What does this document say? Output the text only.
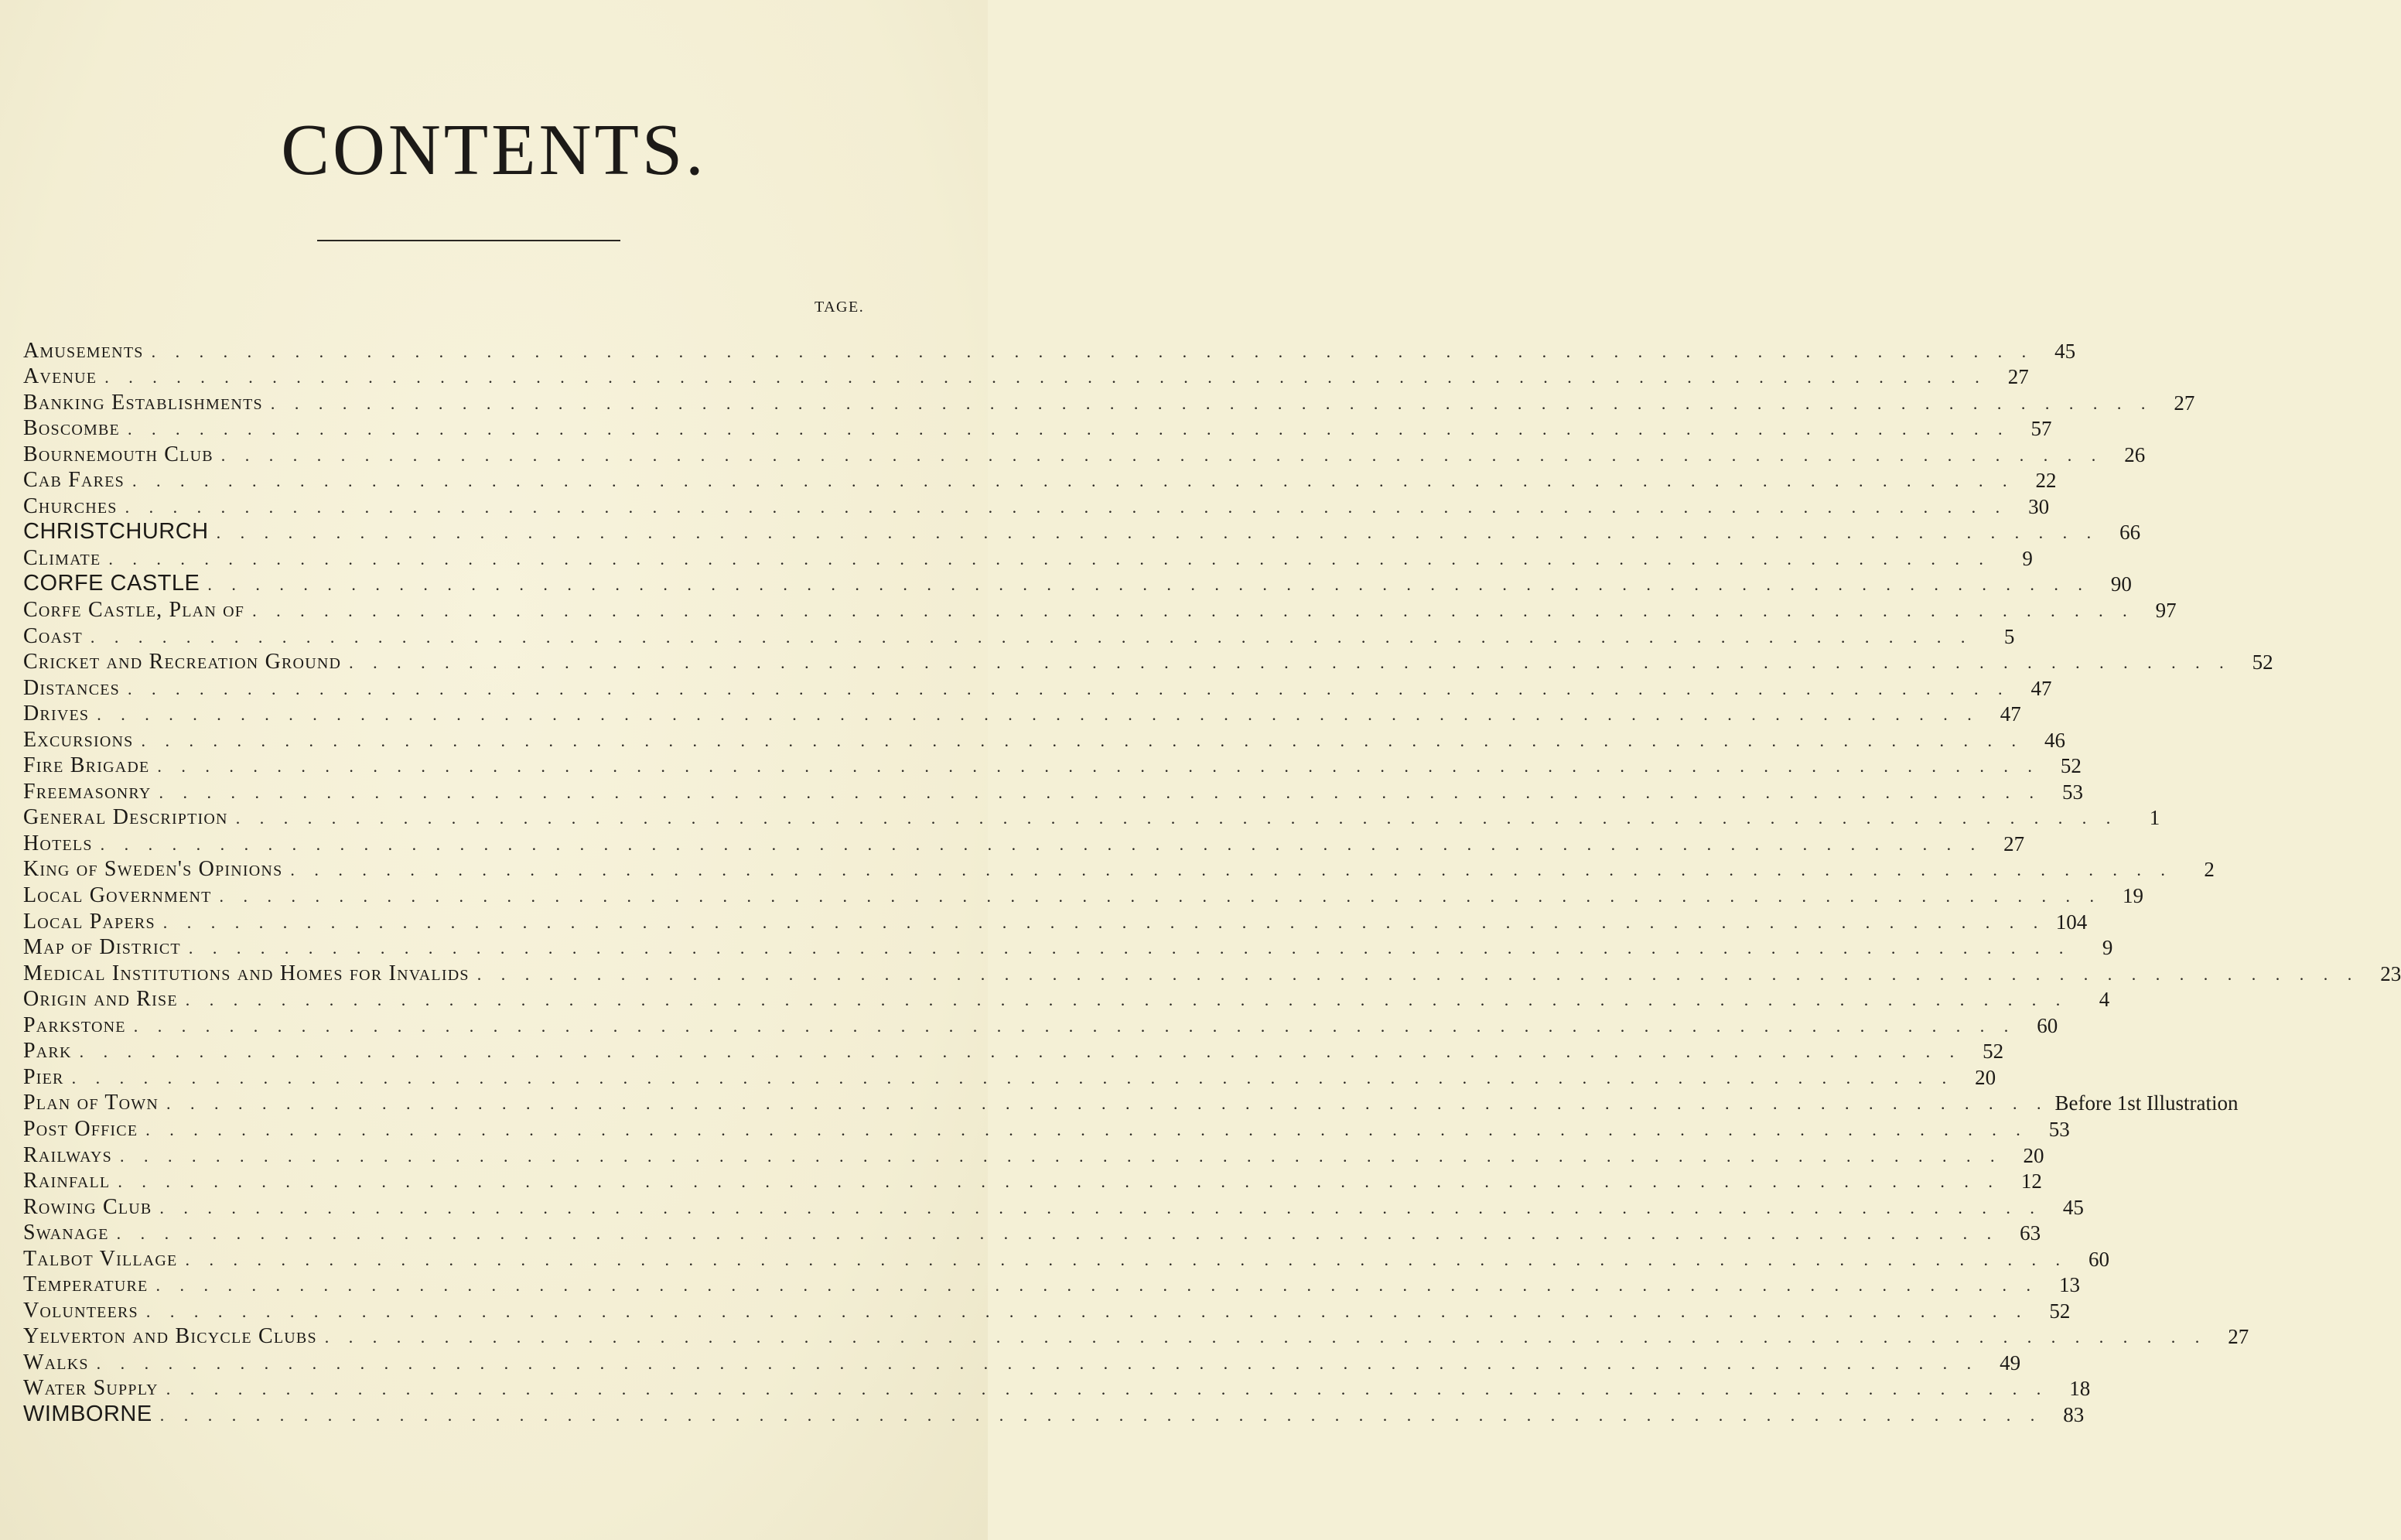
CONTENTS.
TAGE.
Amusements . . . . . . . . . . . . . . . . . . . . . . . . . . . . . . . . . . . . . . . . . . . . . . . . . . . . . . . . . . . . . . . . . . . . . . . . . . . . . . .	45
Avenue . . . . . . . . . . . . . . . . . . . . . . . . . . . . . . . . . . . . . . . . . . . . . . . . . . . . . . . . . . . . . . . . . . . . . . . . . . . . . . .	27
Banking Establishments . . . . . . . . . . . . . . . . . . . . . . . . . . . . . . . . . . . . . . . . . . . . . . . . . . . . . . . . . . . . . . . . . . . . . . . . . . . . . . .	27
Boscombe . . . . . . . . . . . . . . . . . . . . . . . . . . . . . . . . . . . . . . . . . . . . . . . . . . . . . . . . . . . . . . . . . . . . . . . . . . . . . . .	57
Bournemouth Club . . . . . . . . . . . . . . . . . . . . . . . . . . . . . . . . . . . . . . . . . . . . . . . . . . . . . . . . . . . . . . . . . . . . . . . . . . . . . . .	26
Cab Fares . . . . . . . . . . . . . . . . . . . . . . . . . . . . . . . . . . . . . . . . . . . . . . . . . . . . . . . . . . . . . . . . . . . . . . . . . . . . . . .	22
Churches . . . . . . . . . . . . . . . . . . . . . . . . . . . . . . . . . . . . . . . . . . . . . . . . . . . . . . . . . . . . . . . . . . . . . . . . . . . . . . .	30
CHRISTCHURCH . . . . . . . . . . . . . . . . . . . . . . . . . . . . . . . . . . . . . . . . . . . . . . . . . . . . . . . . . . . . . . . . . . . . . . . . . . . . . . .	66
Climate . . . . . . . . . . . . . . . . . . . . . . . . . . . . . . . . . . . . . . . . . . . . . . . . . . . . . . . . . . . . . . . . . . . . . . . . . . . . . . .	9
CORFE CASTLE . . . . . . . . . . . . . . . . . . . . . . . . . . . . . . . . . . . . . . . . . . . . . . . . . . . . . . . . . . . . . . . . . . . . . . . . . . . . . . .	90
Corfe Castle, Plan of . . . . . . . . . . . . . . . . . . . . . . . . . . . . . . . . . . . . . . . . . . . . . . . . . . . . . . . . . . . . . . . . . . . . . . . . . . . . . . .	97
Coast . . . . . . . . . . . . . . . . . . . . . . . . . . . . . . . . . . . . . . . . . . . . . . . . . . . . . . . . . . . . . . . . . . . . . . . . . . . . . . .	5
Cricket and Recreation Ground . . . . . . . . . . . . . . . . . . . . . . . . . . . . . . . . . . . . . . . . . . . . . . . . . . . . . . . . . . . . . . . . . . . . . . . . . . . . . . .	52
Distances . . . . . . . . . . . . . . . . . . . . . . . . . . . . . . . . . . . . . . . . . . . . . . . . . . . . . . . . . . . . . . . . . . . . . . . . . . . . . . .	47
Drives . . . . . . . . . . . . . . . . . . . . . . . . . . . . . . . . . . . . . . . . . . . . . . . . . . . . . . . . . . . . . . . . . . . . . . . . . . . . . . .	47
Excursions . . . . . . . . . . . . . . . . . . . . . . . . . . . . . . . . . . . . . . . . . . . . . . . . . . . . . . . . . . . . . . . . . . . . . . . . . . . . . . .	46
Fire Brigade . . . . . . . . . . . . . . . . . . . . . . . . . . . . . . . . . . . . . . . . . . . . . . . . . . . . . . . . . . . . . . . . . . . . . . . . . . . . . . .	52
Freemasonry . . . . . . . . . . . . . . . . . . . . . . . . . . . . . . . . . . . . . . . . . . . . . . . . . . . . . . . . . . . . . . . . . . . . . . . . . . . . . . .	53
General Description . . . . . . . . . . . . . . . . . . . . . . . . . . . . . . . . . . . . . . . . . . . . . . . . . . . . . . . . . . . . . . . . . . . . . . . . . . . . . . .	1
Hotels . . . . . . . . . . . . . . . . . . . . . . . . . . . . . . . . . . . . . . . . . . . . . . . . . . . . . . . . . . . . . . . . . . . . . . . . . . . . . . .	27
King of Sweden's Opinions . . . . . . . . . . . . . . . . . . . . . . . . . . . . . . . . . . . . . . . . . . . . . . . . . . . . . . . . . . . . . . . . . . . . . . . . . . . . . . .	2
Local Government . . . . . . . . . . . . . . . . . . . . . . . . . . . . . . . . . . . . . . . . . . . . . . . . . . . . . . . . . . . . . . . . . . . . . . . . . . . . . . .	19
Local Papers . . . . . . . . . . . . . . . . . . . . . . . . . . . . . . . . . . . . . . . . . . . . . . . . . . . . . . . . . . . . . . . . . . . . . . . . . . . . . . . 104
Map of District . . . . . . . . . . . . . . . . . . . . . . . . . . . . . . . . . . . . . . . . . . . . . . . . . . . . . . . . . . . . . . . . . . . . . . . . . . . . . . .	9
Medical Institutions and Homes for Invalids . . . . . . . . . . . . . . . . . . . . . . . . . . . . . . . . . . . . . . . . . . . . . . . . . . . . . . . . . . . . . . . . . . . . . . . . . . . . . . .	23
Origin and Rise . . . . . . . . . . . . . . . . . . . . . . . . . . . . . . . . . . . . . . . . . . . . . . . . . . . . . . . . . . . . . . . . . . . . . . . . . . . . . . .	4
Parkstone . . . . . . . . . . . . . . . . . . . . . . . . . . . . . . . . . . . . . . . . . . . . . . . . . . . . . . . . . . . . . . . . . . . . . . . . . . . . . . .	60
Park . . . . . . . . . . . . . . . . . . . . . . . . . . . . . . . . . . . . . . . . . . . . . . . . . . . . . . . . . . . . . . . . . . . . . . . . . . . . . . .	52
Pier . . . . . . . . . . . . . . . . . . . . . . . . . . . . . . . . . . . . . . . . . . . . . . . . . . . . . . . . . . . . . . . . . . . . . . . . . . . . . . .	20
Plan of Town . . . . . . . . . . . . . . . . . . . . . . . . . . . . . . . . . . . . . . . . . . . . . . . . . . . . . . . . . . . . . . . . . . . . . . . . . . . . . . . Before 1st Illustration
Post Office . . . . . . . . . . . . . . . . . . . . . . . . . . . . . . . . . . . . . . . . . . . . . . . . . . . . . . . . . . . . . . . . . . . . . . . . . . . . . . .	53
Railways . . . . . . . . . . . . . . . . . . . . . . . . . . . . . . . . . . . . . . . . . . . . . . . . . . . . . . . . . . . . . . . . . . . . . . . . . . . . . . .	20
Rainfall . . . . . . . . . . . . . . . . . . . . . . . . . . . . . . . . . . . . . . . . . . . . . . . . . . . . . . . . . . . . . . . . . . . . . . . . . . . . . . .	12
Rowing Club . . . . . . . . . . . . . . . . . . . . . . . . . . . . . . . . . . . . . . . . . . . . . . . . . . . . . . . . . . . . . . . . . . . . . . . . . . . . . . .	45
Swanage . . . . . . . . . . . . . . . . . . . . . . . . . . . . . . . . . . . . . . . . . . . . . . . . . . . . . . . . . . . . . . . . . . . . . . . . . . . . . . .	63
Talbot Village . . . . . . . . . . . . . . . . . . . . . . . . . . . . . . . . . . . . . . . . . . . . . . . . . . . . . . . . . . . . . . . . . . . . . . . . . . . . . . .	60
Temperature . . . . . . . . . . . . . . . . . . . . . . . . . . . . . . . . . . . . . . . . . . . . . . . . . . . . . . . . . . . . . . . . . . . . . . . . . . . . . . .	13
Volunteers . . . . . . . . . . . . . . . . . . . . . . . . . . . . . . . . . . . . . . . . . . . . . . . . . . . . . . . . . . . . . . . . . . . . . . . . . . . . . . .	52
Yelverton and Bicycle Clubs . . . . . . . . . . . . . . . . . . . . . . . . . . . . . . . . . . . . . . . . . . . . . . . . . . . . . . . . . . . . . . . . . . . . . . . . . . . . . . .	27
Walks . . . . . . . . . . . . . . . . . . . . . . . . . . . . . . . . . . . . . . . . . . . . . . . . . . . . . . . . . . . . . . . . . . . . . . . . . . . . . . .	49
Water Supply . . . . . . . . . . . . . . . . . . . . . . . . . . . . . . . . . . . . . . . . . . . . . . . . . . . . . . . . . . . . . . . . . . . . . . . . . . . . . . .	18
WIMBORNE . . . . . . . . . . . . . . . . . . . . . . . . . . . . . . . . . . . . . . . . . . . . . . . . . . . . . . . . . . . . . . . . . . . . . . . . . . . . . . .	83
